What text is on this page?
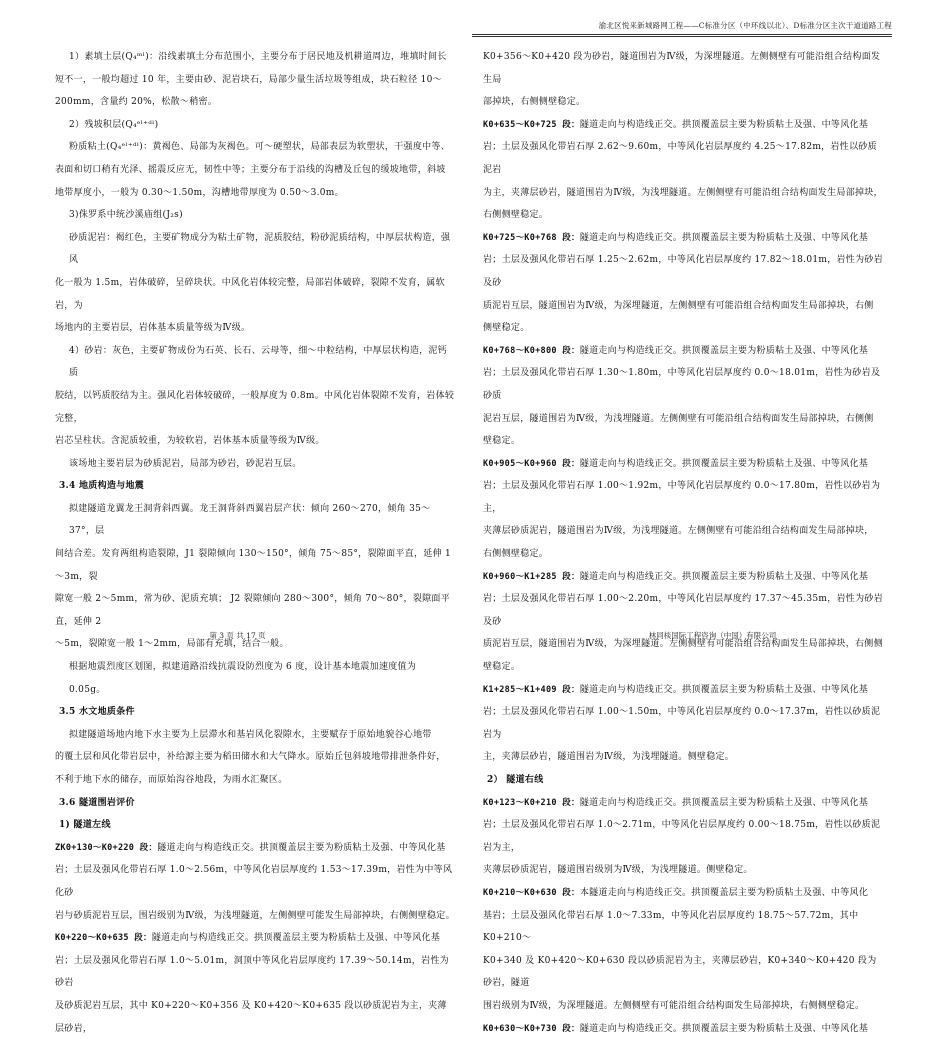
渝北区悦来新城路网工程——C标准分区（中环线以北）、D标准分区主次干道道路工程

1）素填土层(Q₄ᵐˡ)：沿线素填土分布范围小，主要分布于居民地及机耕道周边，堆填时间长

短不一，一般均超过 10 年，主要由砂、泥岩块石，局部少量生活垃圾等组成，块石粒径 10～

200mm，含量约 20%，松散～稍密。

2）残坡积层(Q₄ᵉˡ⁺ᵈˡ)

粉质粘土(Q₄ᵉˡ⁺ᵈˡ)：黄褐色、局部为灰褐色。可～硬塑状，局部表层为软塑状，干强度中等、

表面和切口稍有光泽、摇震反应无，韧性中等；主要分布于沿线的沟槽及丘包的缓坡地带，斜坡

地带厚度小，一般为 0.30～1.50m，沟槽地带厚度为 0.50～3.0m。

3)侏罗系中统沙溪庙组(J₂s)

砂质泥岩：褐红色，主要矿物成分为粘土矿物，泥质胶结，粉砂泥质结构，中厚层状构造，强风

化一般为 1.5m，岩体破碎，呈碎块状。中风化岩体较完整，局部岩体破碎，裂隙不发育，属软岩，为

场地内的主要岩层，岩体基本质量等级为Ⅳ级。

4）砂岩：灰色，主要矿物成份为石英、长石、云母等，细～中粒结构，中厚层状构造，泥钙质

胶结，以钙质胶结为主。强风化岩体较破碎，一般厚度为 0.8m。中风化岩体裂隙不发育，岩体较完整，

岩芯呈柱状。含泥质较重，为较软岩，岩体基本质量等级为Ⅳ级。

该场地主要岩层为砂质泥岩，局部为砂岩，砂泥岩互层。

3.4 地质构造与地震

拟建隧道龙翼龙王洞背斜西翼。龙王洞背斜西翼岩层产状：倾向 260～270，倾角 35～37°，层

间结合差。发育两组构造裂隙，J1 裂隙倾向 130～150°，倾角 75～85°，裂隙面平直，延伸 1～3m，裂

隙宽一般 2～5mm，常为砂、泥质充填； J2 裂隙倾向 280～300°，倾角 70～80°，裂隙面平直，延伸 2

～5m，裂隙宽一般 1～2mm，局部有充填，结合一般。

根据地震烈度区划图，拟建道路沿线抗震设防烈度为 6 度，设计基本地震加速度值为 0.05g。

3.5 水文地质条件

拟建隧道场地内地下水主要为上层滞水和基岩风化裂隙水，主要赋存于原始地貌谷心地带

的覆土层和风化带岩层中，补给源主要为稻田储水和大气降水。原始丘包斜坡地带排泄条件好，

不利于地下水的储存，而原始沟谷地段，为雨水汇聚区。

3.6 隧道围岩评价

1) 隧道左线

ZK0+130～K0+220 段：隧道走向与构造线正交。拱顶覆盖层主要为粉质粘土及强、中等风化基

岩；土层及强风化带岩石厚 1.0～2.56m，中等风化岩层厚度约 1.53～17.39m，岩性为中等风化砂

岩与砂质泥岩互层，围岩级别为Ⅳ级，为浅埋隧道，左侧侧壁可能发生局部掉块，右侧侧壁稳定。

K0+220～K0+635 段：隧道走向与构造线正交。拱顶覆盖层主要为粉质粘土及强、中等风化基

岩；土层及强风化带岩石厚 1.0～5.01m，洞顶中等风化岩层厚度约 17.39～50.14m，岩性为砂岩

及砂质泥岩互层，其中 K0+220～K0+356 及 K0+420～K0+635 段以砂质泥岩为主，夹薄层砂岩，

K0+356～K0+420 段为砂岩，隧道围岩为Ⅳ级，为深埋隧道。左侧侧壁有可能沿组合结构面发生局

部掉块，右侧侧壁稳定。

K0+635～K0+725 段：隧道走向与构造线正交。拱顶覆盖层主要为粉质粘土及强、中等风化基

岩；土层及强风化带岩石厚 2.62～9.60m，中等风化岩层厚度约 4.25～17.82m，岩性以砂质泥岩

为主，夹薄层砂岩，隧道围岩为Ⅳ级，为浅埋隧道。左侧侧壁有可能沿组合结构面发生局部掉块，

右侧侧壁稳定。

K0+725～K0+768 段：隧道走向与构造线正交。拱顶覆盖层主要为粉质粘土及强、中等风化基

岩；土层及强风化带岩石厚 1.25～2.62m，中等风化岩层厚度约 17.82～18.01m，岩性为砂岩及砂

质泥岩互层，隧道围岩为Ⅳ级，为深埋隧道，左侧侧壁有可能沿组合结构面发生局部掉块，右侧

侧壁稳定。

K0+768～K0+800 段：隧道走向与构造线正交。拱顶覆盖层主要为粉质粘土及强、中等风化基

岩；土层及强风化带岩石厚 1.30～1.80m，中等风化岩层厚度约 0.0～18.01m，岩性为砂岩及砂质

泥岩互层，隧道围岩为Ⅳ级，为浅埋隧道。左侧侧壁有可能沿组合结构面发生局部掉块，右侧侧

壁稳定。

K0+905～K0+960 段：隧道走向与构造线正交。拱顶覆盖层主要为粉质粘土及强、中等风化基

岩；土层及强风化带岩石厚 1.00～1.92m，中等风化岩层厚度约 0.0～17.80m，岩性以砂岩为主，

夹薄层砂质泥岩，隧道围岩为Ⅳ级，为浅埋隧道。左侧侧壁有可能沿组合结构面发生局部掉块，

右侧侧壁稳定。

K0+960～K1+285 段：隧道走向与构造线正交。拱顶覆盖层主要为粉质粘土及强、中等风化基

岩；土层及强风化带岩石厚 1.00～2.20m，中等风化岩层厚度约 17.37～45.35m，岩性为砂岩及砂

质泥岩互层，隧道围岩为Ⅳ级，为深埋隧道。左侧侧壁有可能沿组合结构面发生局部掉块，右侧侧

壁稳定。

K1+285～K1+409 段：隧道走向与构造线正交。拱顶覆盖层主要为粉质粘土及强、中等风化基

岩；土层及强风化带岩石厚 1.00～1.50m，中等风化岩层厚度约 0.0～17.37m，岩性以砂质泥岩为

主，夹薄层砂岩，隧道围岩为Ⅳ级，为浅埋隧道。侧壁稳定。

2） 隧道右线

K0+123～K0+210 段：隧道走向与构造线正交。拱顶覆盖层主要为粉质粘土及强、中等风化基

岩；土层及强风化带岩石厚 1.0～2.71m，中等风化岩层厚度约 0.00～18.75m，岩性以砂质泥岩为主，

夹薄层砂质泥岩，隧道围岩级别为Ⅳ级，为浅埋隧道。侧壁稳定。

K0+210～K0+630 段：本隧道走向与构造线正交。拱顶覆盖层主要为粉质粘土及强、中等风化

基岩；土层及强风化带岩石厚 1.0～7.33m，中等风化岩层厚度约 18.75～57.72m，其中 K0+210～

K0+340 及 K0+420～K0+630 段以砂质泥岩为主，夹薄层砂岩，K0+340～K0+420 段为砂岩，隧道

围岩级别为Ⅳ级，为深埋隧道。左侧侧壁有可能沿组合结构面发生局部掉块，右侧侧壁稳定。

K0+630～K0+730 段：隧道走向与构造线正交。拱顶覆盖层主要为粉质粘土及强、中等风化基

第 3 页 共 17 页	林同棪国际工程咨询（中国）有限公司
